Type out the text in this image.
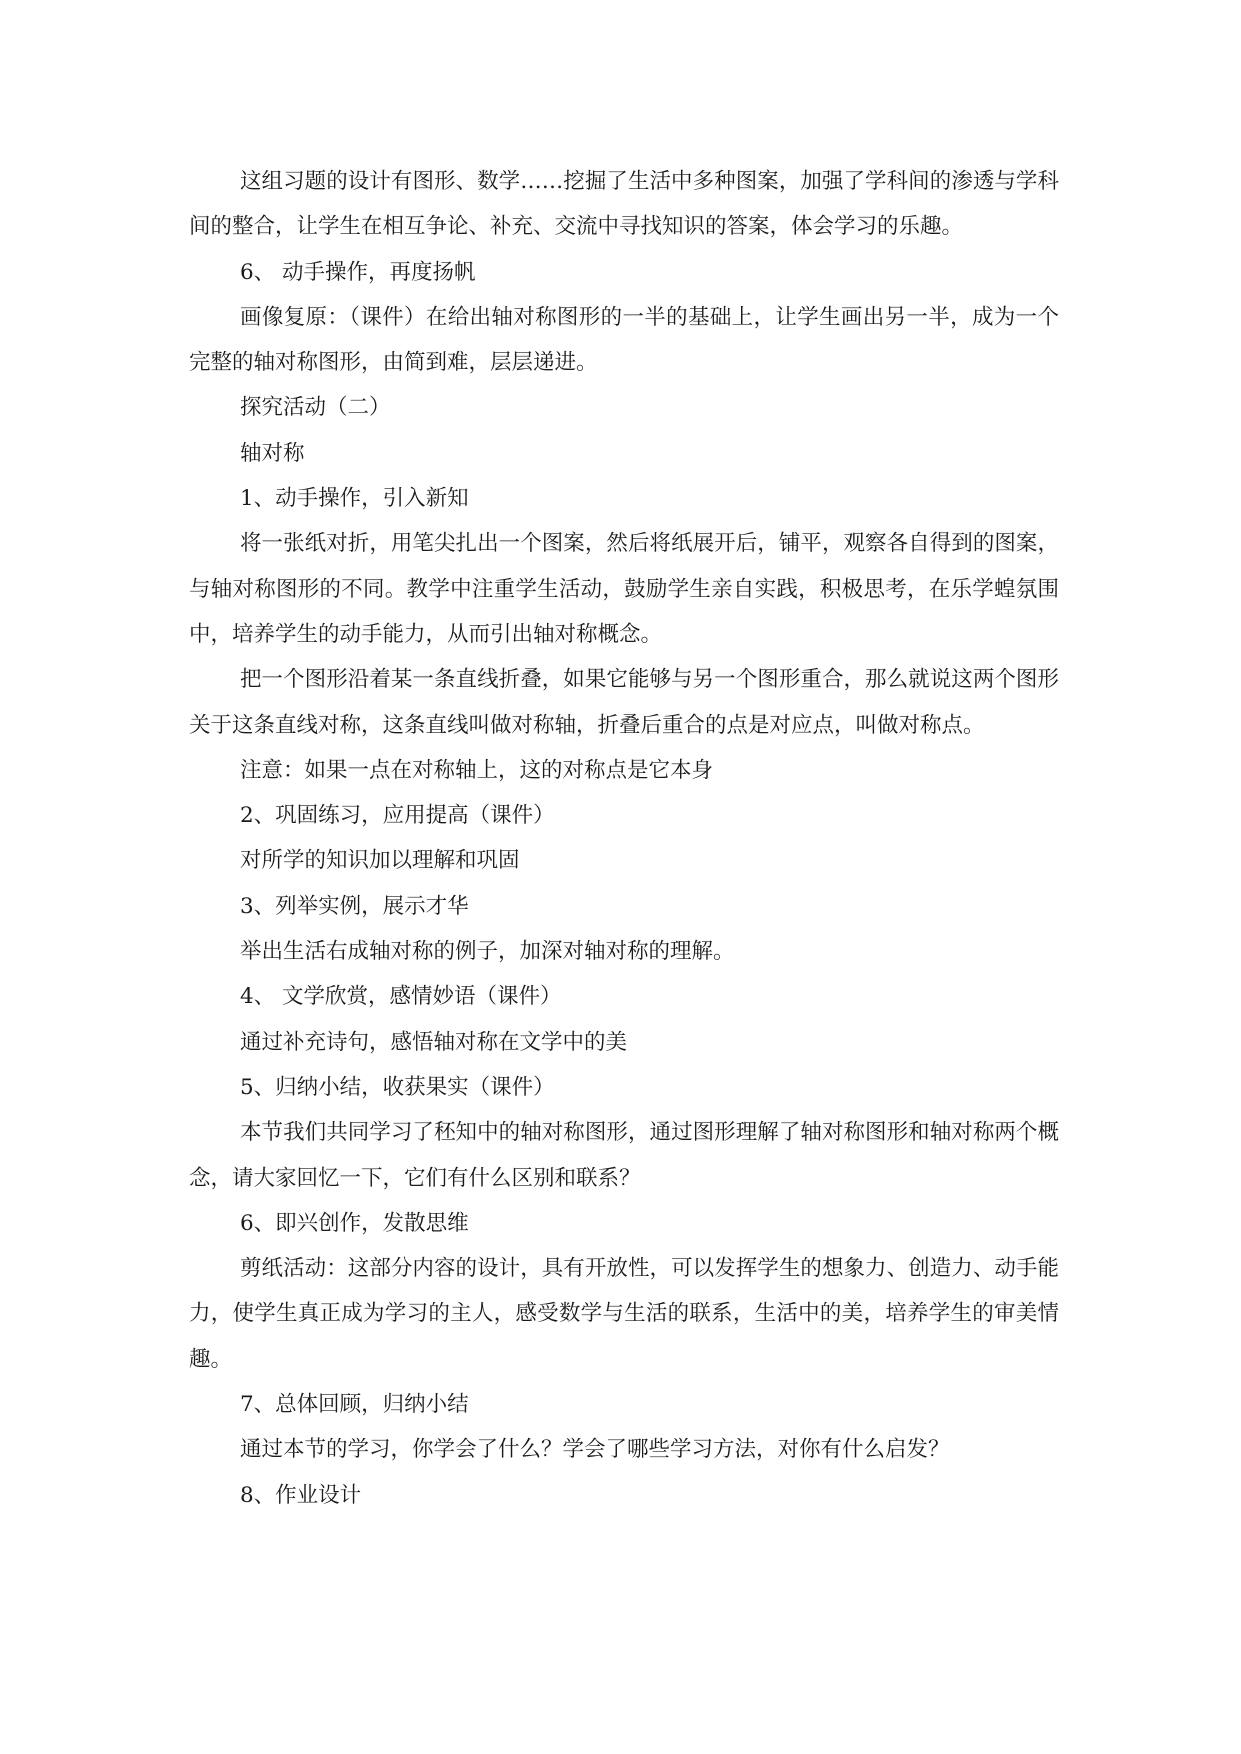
这组习题的设计有图形、数学……挖掘了生活中多种图案，加强了学科间的渗透与学科间的整合，让学生在相互争论、补充、交流中寻找知识的答案，体会学习的乐趣。

6、 动手操作，再度扬帆

画像复原：（课件）在给出轴对称图形的一半的基础上，让学生画出另一半，成为一个完整的轴对称图形，由简到难，层层递进。

探究活动（二）

轴对称

1、动手操作，引入新知

将一张纸对折，用笔尖扎出一个图案，然后将纸展开后，铺平，观察各自得到的图案，与轴对称图形的不同。教学中注重学生活动，鼓励学生亲自实践，积极思考，在乐学蝗氛围中，培养学生的动手能力，从而引出轴对称概念。

把一个图形沿着某一条直线折叠，如果它能够与另一个图形重合，那么就说这两个图形关于这条直线对称，这条直线叫做对称轴，折叠后重合的点是对应点，叫做对称点。

注意：如果一点在对称轴上，这的对称点是它本身

2、巩固练习，应用提高（课件）

对所学的知识加以理解和巩固

3、列举实例，展示才华

举出生活右成轴对称的例子，加深对轴对称的理解。

4、 文学欣赏，感情妙语（课件）

通过补充诗句，感悟轴对称在文学中的美

5、归纳小结，收获果实（课件）

本节我们共同学习了秠知中的轴对称图形，通过图形理解了轴对称图形和轴对称两个概念，请大家回忆一下，它们有什么区别和联系？

6、即兴创作，发散思维

剪纸活动：这部分内容的设计，具有开放性，可以发挥学生的想象力、创造力、动手能力，使学生真正成为学习的主人，感受数学与生活的联系，生活中的美，培养学生的审美情趣。

7、总体回顾，归纳小结

通过本节的学习，你学会了什么？学会了哪些学习方法，对你有什么启发？

8、作业设计
